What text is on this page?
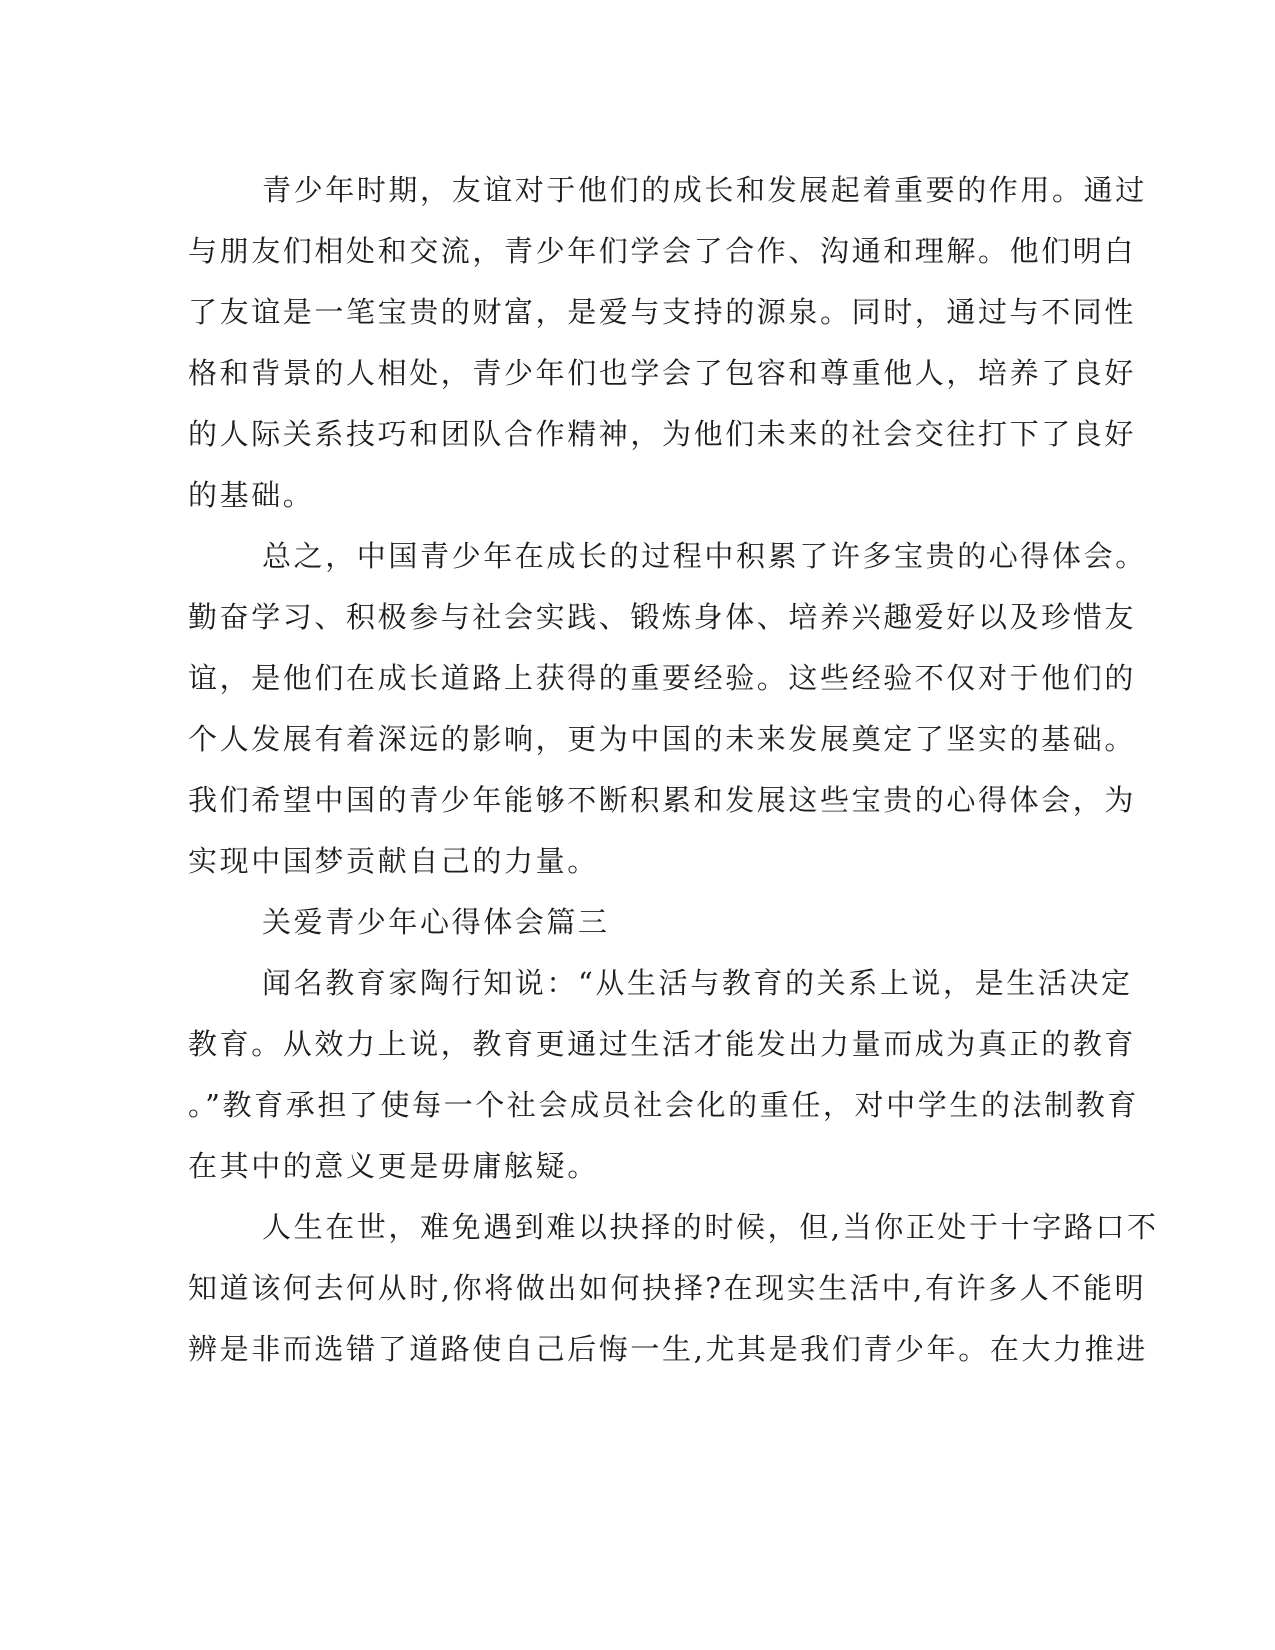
青少年时期，友谊对于他们的成长和发展起着重要的作用。通过
与朋友们相处和交流，青少年们学会了合作、沟通和理解。他们明白
了友谊是一笔宝贵的财富，是爱与支持的源泉。同时，通过与不同性
格和背景的人相处，青少年们也学会了包容和尊重他人，培养了良好
的人际关系技巧和团队合作精神，为他们未来的社会交往打下了良好
的基础。
总之，中国青少年在成长的过程中积累了许多宝贵的心得体会。
勤奋学习、积极参与社会实践、锻炼身体、培养兴趣爱好以及珍惜友
谊，是他们在成长道路上获得的重要经验。这些经验不仅对于他们的
个人发展有着深远的影响，更为中国的未来发展奠定了坚实的基础。
我们希望中国的青少年能够不断积累和发展这些宝贵的心得体会，为
实现中国梦贡献自己的力量。
关爱青少年心得体会篇三
闻名教育家陶行知说：“从生活与教育的关系上说，是生活决定
教育。从效力上说，教育更通过生活才能发出力量而成为真正的教育
。”教育承担了使每一个社会成员社会化的重任，对中学生的法制教育
在其中的意义更是毋庸舷疑。
人生在世，难免遇到难以抉择的时候，但,当你正处于十字路口不
知道该何去何从时,你将做出如何抉择?在现实生活中,有许多人不能明
辨是非而选错了道路使自己后悔一生,尤其是我们青少年。在大力推进
